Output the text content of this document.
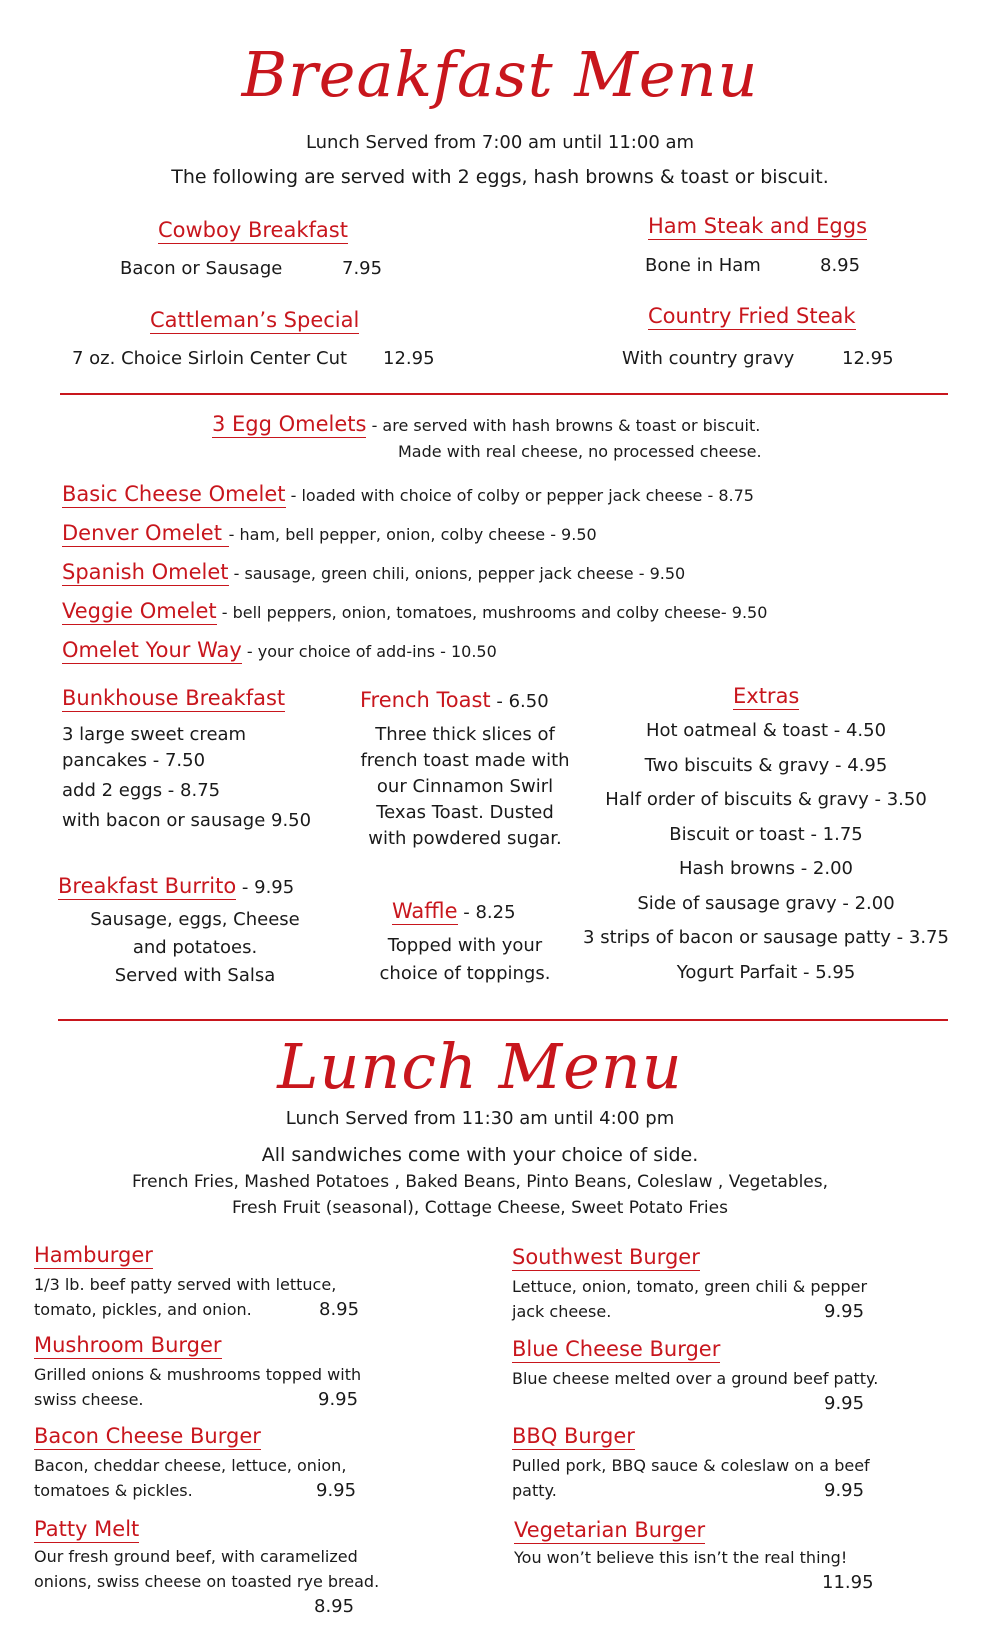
Breakfast Menu
Lunch Served from 7:00 am until 11:00 am
The following are served with 2 eggs, hash browns & toast or biscuit.
Cowboy Breakfast
Bacon or Sausage	7.95
Ham Steak and Eggs
Bone in Ham	8.95
Cattleman’s Special
7 oz. Choice Sirloin Center Cut 12.95
Country Fried Steak
With country gravy	12.95
3 Egg Omelets - are served with hash browns & toast or biscuit.
Made with real cheese, no processed cheese.
Basic Cheese Omelet - loaded with choice of colby or pepper jack cheese - 8.75
Denver Omelet - ham, bell pepper, onion, colby cheese - 9.50
Spanish Omelet - sausage, green chili, onions, pepper jack cheese - 9.50
Veggie Omelet - bell peppers, onion, tomatoes, mushrooms and colby cheese- 9.50
Omelet Your Way - your choice of add-ins - 10.50
Bunkhouse Breakfast
3 large sweet cream
pancakes - 7.50
add 2 eggs - 8.75
with bacon or sausage 9.50
French Toast - 6.50
Three thick slices of
french toast made with
our Cinnamon Swirl
Texas Toast. Dusted
with powdered sugar.
Extras
Hot oatmeal & toast - 4.50
Two biscuits & gravy - 4.95
Half order of biscuits & gravy - 3.50
Biscuit or toast - 1.75
Hash browns - 2.00
Side of sausage gravy - 2.00
3 strips of bacon or sausage patty - 3.75
Yogurt Parfait - 5.95
Breakfast Burrito - 9.95
Sausage, eggs, Cheese
and potatoes.
Served with Salsa
Waffle - 8.25
Topped with your
choice of toppings.
Lunch Menu
Lunch Served from 11:30 am until 4:00 pm
All sandwiches come with your choice of side.
French Fries, Mashed Potatoes , Baked Beans, Pinto Beans, Coleslaw , Vegetables,
Fresh Fruit (seasonal), Cottage Cheese, Sweet Potato Fries
Hamburger
1/3 lb. beef patty served with lettuce,
tomato, pickles, and onion.	8.95
Mushroom Burger
Grilled onions & mushrooms topped with
swiss cheese.	9.95
Bacon Cheese Burger
Bacon, cheddar cheese, lettuce, onion,
tomatoes & pickles.	9.95
Patty Melt
Our fresh ground beef, with caramelized
onions, swiss cheese on toasted rye bread.
8.95
Southwest Burger
Lettuce, onion, tomato, green chili & pepper
jack cheese.	9.95
Blue Cheese Burger
Blue cheese melted over a ground beef patty.
9.95
BBQ Burger
Pulled pork, BBQ sauce & coleslaw on a beef
patty.	9.95
Vegetarian Burger
You won’t believe this isn’t the real thing!
11.95
